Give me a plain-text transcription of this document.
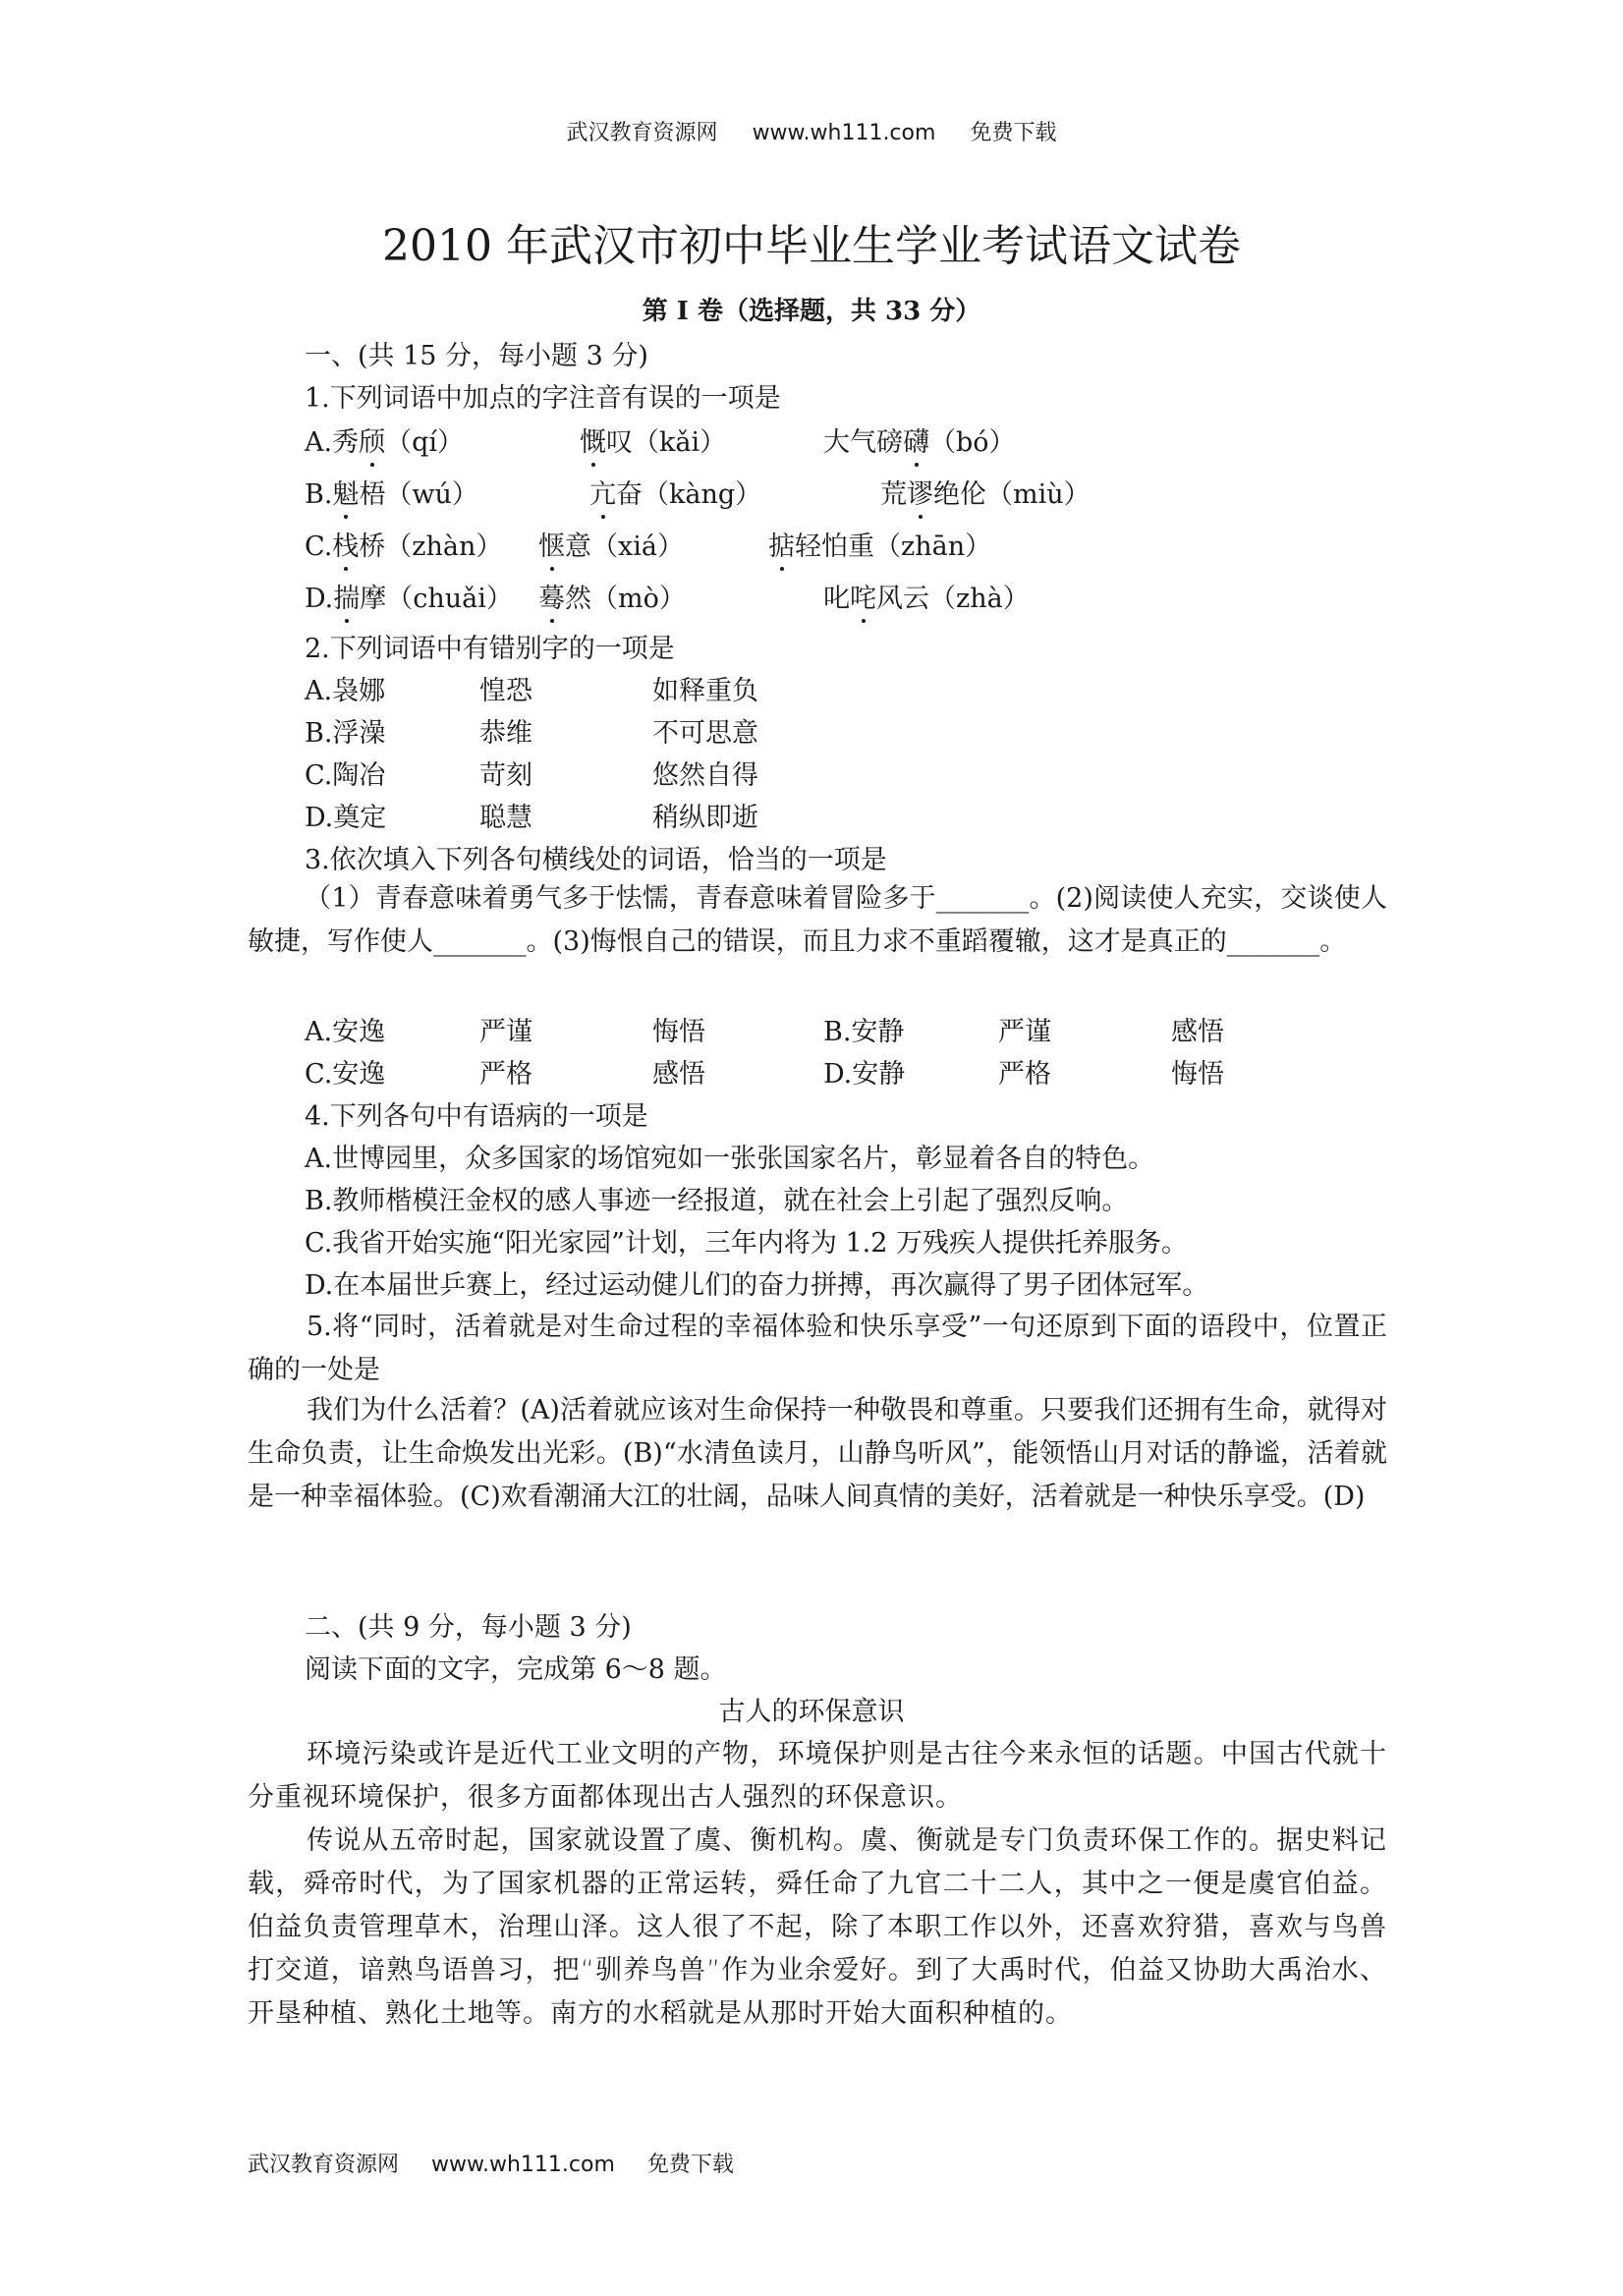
武汉教育资源网 www.wh111.com 免费下载
2010 年武汉市初中毕业生学业考试语文试卷
第 I 卷（选择题，共 33 分）
一、(共 15 分，每小题 3 分)
1.下列词语中加点的字注音有误的一项是
A.秀颀（qí）	慨叹（kǎi）	大气磅礴（bó）
B.魁梧（wú）	亢奋（kàng）	荒谬绝伦（miù）
C.栈桥（zhàn） 惬意（xiá）	掂轻怕重（zhān）
D.揣摩（chuǎi） 蓦然（mò）	叱咤风云（zhà）
2.下列词语中有错别字的一项是
A.袅娜	惶恐	如释重负
B.浮澡	恭维	不可思意
C.陶冶	苛刻	悠然自得
D.奠定	聪慧	稍纵即逝
3.依次填入下列各句横线处的词语，恰当的一项是
（1）青春意味着勇气多于怯懦，青春意味着冒险多于_______。(2)阅读使人充实，交谈使人敏捷，写作使人_______。(3)悔恨自己的错误，而且力求不重蹈覆辙，这才是真正的_______。
A.安逸	严谨	悔悟	B.安静	严谨	感悟
C.安逸	严格	感悟	D.安静	严格	悔悟
4.下列各句中有语病的一项是
A.世博园里，众多国家的场馆宛如一张张国家名片，彰显着各自的特色。
B.教师楷模汪金权的感人事迹一经报道，就在社会上引起了强烈反响。
C.我省开始实施“阳光家园”计划，三年内将为 1.2 万残疾人提供托养服务。
D.在本届世乒赛上，经过运动健儿们的奋力拼搏，再次赢得了男子团体冠军。
5.将“同时，活着就是对生命过程的幸福体验和快乐享受”一句还原到下面的语段中，位置正确的一处是
我们为什么活着？(A)活着就应该对生命保持一种敬畏和尊重。只要我们还拥有生命，就得对生命负责，让生命焕发出光彩。(B)“水清鱼读月，山静鸟听风”，能领悟山月对话的静谧，活着就是一种幸福体验。(C)欢看潮涌大江的壮阔，品味人间真情的美好，活着就是一种快乐享受。(D)
二、(共 9 分，每小题 3 分)
阅读下面的文字，完成第 6～8 题。
古人的环保意识
环境污染或许是近代工业文明的产物，环境保护则是古往今来永恒的话题。中国古代就十分重视环境保护，很多方面都体现出古人强烈的环保意识。
传说从五帝时起，国家就设置了虞、衡机构。虞、衡就是专门负责环保工作的。据史料记载，舜帝时代，为了国家机器的正常运转，舜任命了九官二十二人，其中之一便是虞官伯益。伯益负责管理草木，治理山泽。这人很了不起，除了本职工作以外，还喜欢狩猎，喜欢与鸟兽打交道，谙熟鸟语兽习，把“驯养鸟兽”作为业余爱好。到了大禹时代，伯益又协助大禹治水、开垦种植、熟化土地等。南方的水稻就是从那时开始大面积种植的。
武汉教育资源网 www.wh111.com 免费下载
